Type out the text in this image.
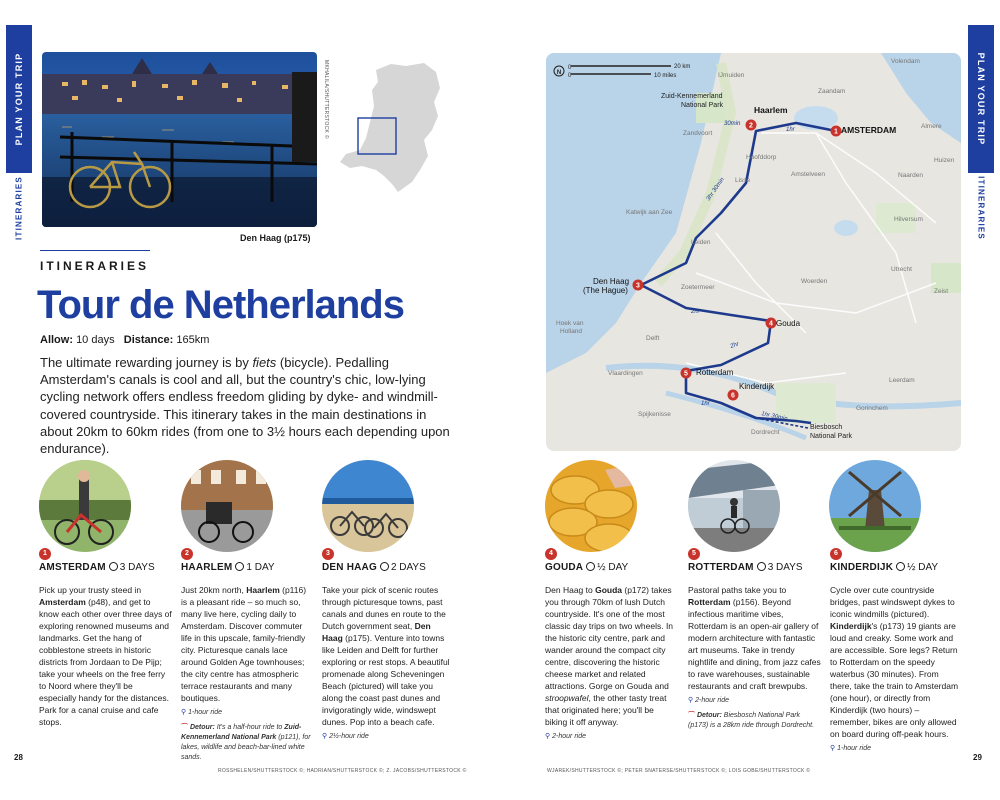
PLAN YOUR TRIP
ITINERARIES
PLAN YOUR TRIP
ITINERARIES
MKHALILA/SHUTTERSTOCK ©
Den Haag (p175)
ITINERARIES
Tour de Netherlands
Allow: 10 days Distance: 165km

The ultimate rewarding journey is by fiets (bicycle). Pedalling Amsterdam's canals is cool and all, but the country's chic, low-lying cycling network offers endless freedom gliding by dyke- and windmill-covered countryside. This itinerary takes in the main destinations in about 20km to 60km rides (from one to 3½ hours each depending upon endurance).

N
0
0
20 km
10 miles
Volendam
IJmuiden
Zaandam
Zuid-Kennemerland
National Park	Haarlem
AMSTERDAM	Almere
Zandvoort
Hoofddorp
Amstelveen
Huizen
Naarden
Lisse
Hilversum
Katwijk aan Zee
Leiden
Den Haag
(The Hague)	Zoetermeer
Woerden
Utrecht
Zeist
Hoek van
Holland
Delft
Gouda
Vlaardingen	Rotterdam
Kinderdijk
Leerdam
Spijkenisse
Dordrecht
Gorinchem
Biesbosch
National Park
1hr
30min
3hr 30min
2hr
2hr
1hr
1hr 30min
1
2
3
4
5
6
1
AMSTERDAM 3 DAYS
Pick up your trusty steed in Amsterdam (p48), and get to know each other over three days of exploring renowned museums and landmarks. Get the hang of cobblestone streets in historic districts from Jordaan to De Pijp; take your wheels on the free ferry to Noord where they'll be especially handy for the distances. Park for a canal cruise and cafe stops.
2
HAARLEM 1 DAY
Just 20km north, Haarlem (p116) is a pleasant ride – so much so, many live here, cycling daily to Amsterdam. Discover commuter life in this upscale, family-friendly city. Picturesque canals lace around Golden Age townhouses; the city centre has atmospheric terrace restaurants and many boutiques.
⚲ 1-hour ride
⌒ Detour: It's a half-hour ride to Zuid-Kennemerland National Park (p121), for lakes, wildlife and beach-bar-lined white sands.
3
DEN HAAG 2 DAYS
Take your pick of scenic routes through picturesque towns, past canals and dunes en route to the Dutch government seat, Den Haag (p175). Venture into towns like Leiden and Delft for further exploring or rest stops. A beautiful promenade along Scheveningen Beach (pictured) will take you along the coast past dunes and invigoratingly wide, windswept dunes. Pop into a beach cafe.
⚲ 2½-hour ride
4
GOUDA ½ DAY
Den Haag to Gouda (p172) takes you through 70km of lush Dutch countryside. It's one of the most classic day trips on two wheels. In the historic city centre, park and wander around the compact city centre, discovering the historic cheese market and related attractions. Gorge on Gouda and stroopwafel, the other tasty treat that originated here; you'll be biking it off anyway.
⚲ 2-hour ride
5
ROTTERDAM 3 DAYS
Pastoral paths take you to Rotterdam (p156). Beyond infectious maritime vibes, Rotterdam is an open-air gallery of modern architecture with fantastic art museums. Take in trendy nightlife and dining, from jazz cafes to rave warehouses, sustainable restaurants and craft brewpubs.
⚲ 2-hour ride
⌒ Detour: Biesbosch National Park (p173) is a 28km ride through Dordrecht.
6
KINDERDIJK ½ DAY
Cycle over cute countryside bridges, past windswept dykes to iconic windmills (pictured). Kinderdijk's (p173) 19 giants are loud and creaky. Some work and are accessible. Sore legs? Return to Rotterdam on the speedy waterbus (30 minutes). From there, take the train to Amsterdam (one hour), or directly from Kinderdijk (two hours) – remember, bikes are only allowed on board during off-peak hours.
⚲ 1-hour ride
28	29
ROSSHELEN/SHUTTERSTOCK ©; HADRIAN/SHUTTERSTOCK ©; Z. JACOBS/SHUTTERSTOCK ©	WJAREK/SHUTTERSTOCK ©; PETER SNATERSE/SHUTTERSTOCK ©; LOIS GOBE/SHUTTERSTOCK ©
